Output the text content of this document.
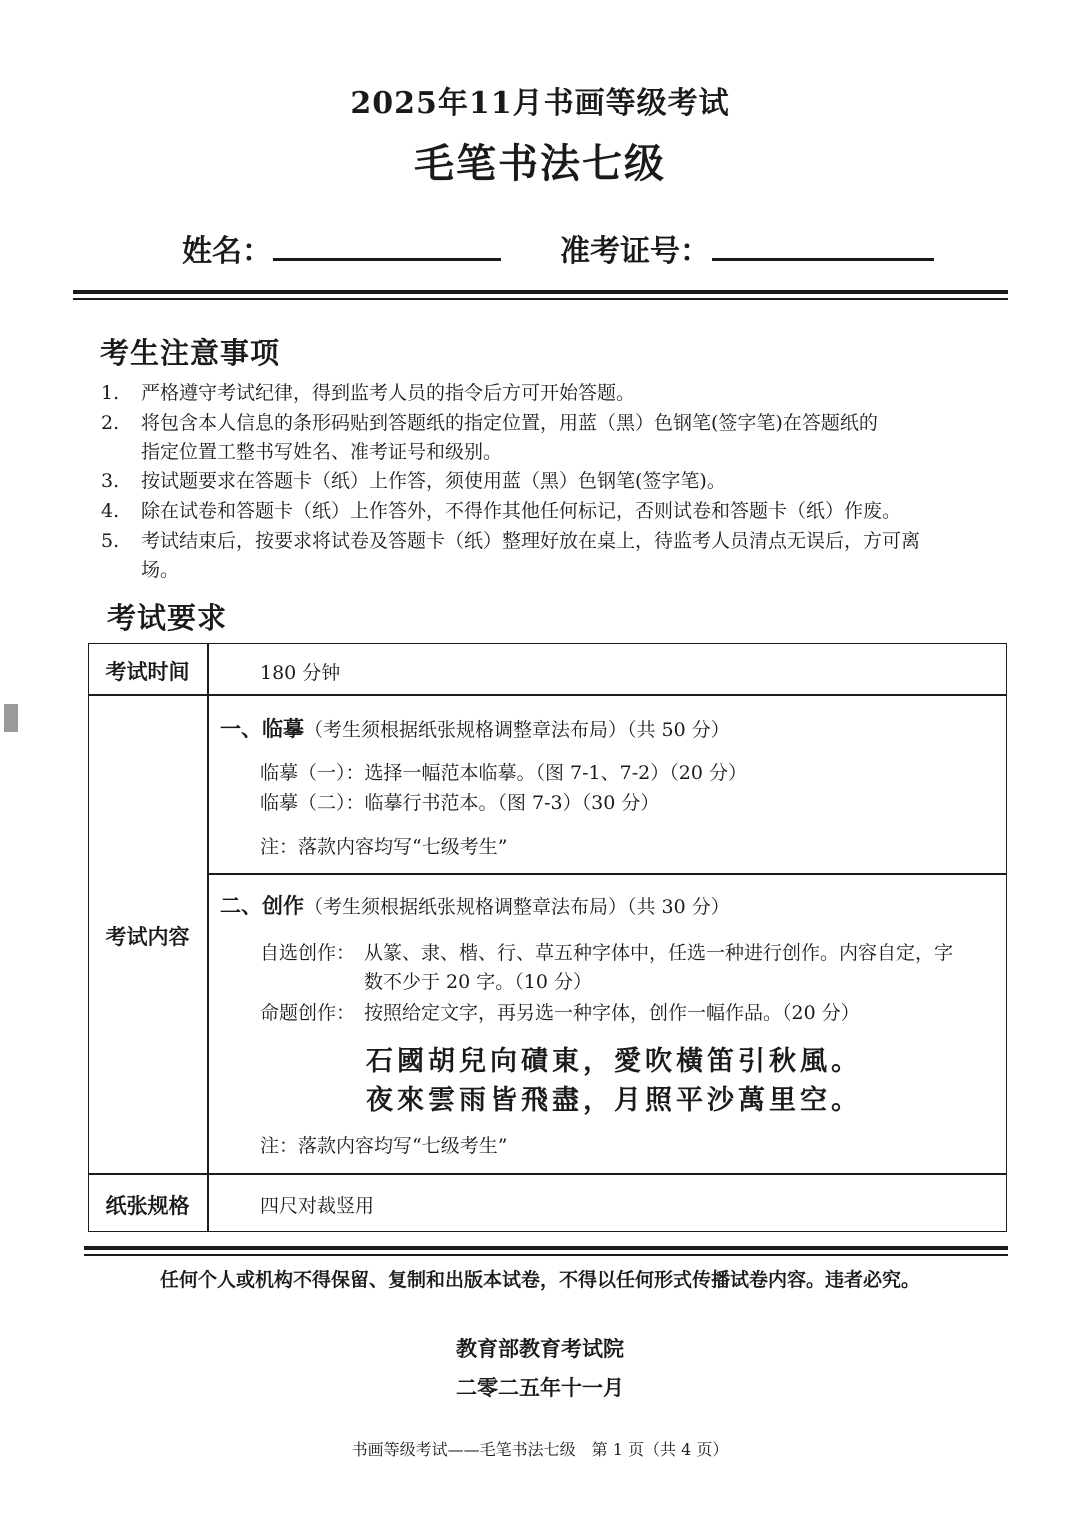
2025年11月书画等级考试
毛笔书法七级
姓名：	准考证号：
考生注意事项
1.	严格遵守考试纪律，得到监考人员的指令后方可开始答题。
2.	将包含本人信息的条形码贴到答题纸的指定位置，用蓝（黑）色钢笔(签字笔)在答题纸的
指定位置工整书写姓名、准考证号和级别。
3.	按试题要求在答题卡（纸）上作答，须使用蓝（黑）色钢笔(签字笔)。
4.	除在试卷和答题卡（纸）上作答外，不得作其他任何标记，否则试卷和答题卡（纸）作废。
5.	考试结束后，按要求将试卷及答题卡（纸）整理好放在桌上，待监考人员清点无误后，方可离
场。
考试要求
考试时间	180 分钟
考试内容
一、临摹（考生须根据纸张规格调整章法布局）（共 50 分）
临摹（一）：选择一幅范本临摹。（图 7-1、7-2）（20 分）
临摹（二）：临摹行书范本。（图 7-3）（30 分）
注：落款内容均写“七级考生”
二、创作（考生须根据纸张规格调整章法布局）（共 30 分）
自选创作： 从篆、隶、楷、行、草五种字体中，任选一种进行创作。内容自定，字
数不少于 20 字。（10 分）
命题创作： 按照给定文字，再另选一种字体，创作一幅作品。（20 分）
石國胡兒向磧東，愛吹橫笛引秋風。
夜來雲雨皆飛盡，月照平沙萬里空。
注：落款内容均写“七级考生”
纸张规格	四尺对裁竖用
任何个人或机构不得保留、复制和出版本试卷，不得以任何形式传播试卷内容。违者必究。
教育部教育考试院
二零二五年十一月
书画等级考试——毛笔书法七级　第 1 页（共 4 页）
